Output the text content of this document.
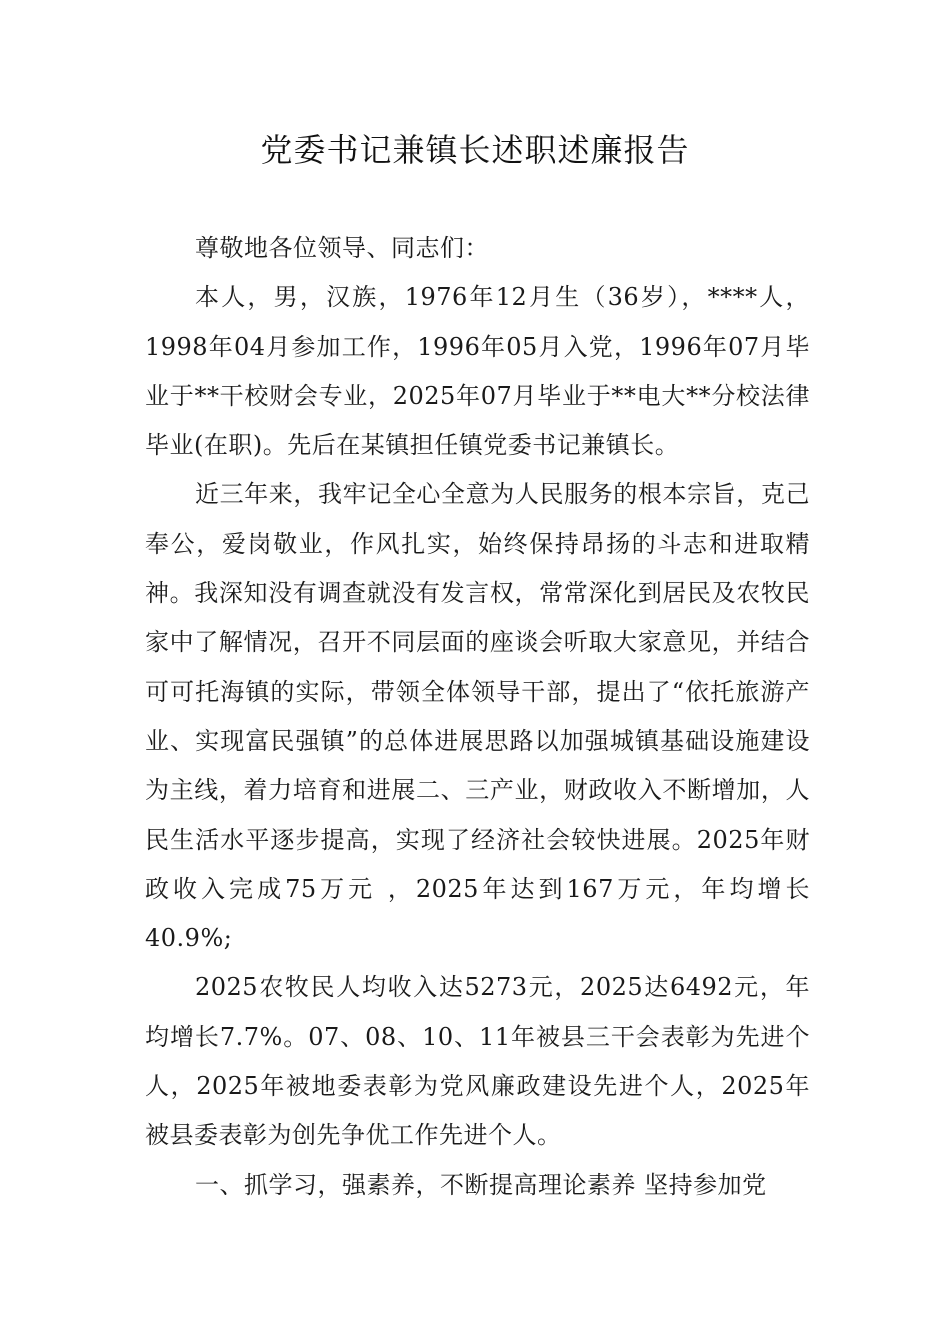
党委书记兼镇长述职述廉报告

尊敬地各位领导、同志们：

本人，男，汉族，1976年12月生（36岁），****人，1998年04月参加工作，1996年05月入党，1996年07月毕业于**干校财会专业，2025年07月毕业于**电大**分校法律毕业(在职)。先后在某镇担任镇党委书记兼镇长。

近三年来，我牢记全心全意为人民服务的根本宗旨，克己奉公，爱岗敬业，作风扎实，始终保持昂扬的斗志和进取精神。我深知没有调查就没有发言权，常常深化到居民及农牧民家中了解情况，召开不同层面的座谈会听取大家意见，并结合可可托海镇的实际，带领全体领导干部，提出了“依托旅游产业、实现富民强镇”的总体进展思路以加强城镇基础设施建设为主线，着力培育和进展二、三产业，财政收入不断增加，人民生活水平逐步提高，实现了经济社会较快进展。2025年财政收入完成75万元 ，2025年达到167万元，年均增长40.9%;

2025农牧民人均收入达5273元，2025达6492元，年均增长7.7%。07、08、10、11年被县三干会表彰为先进个人，2025年被地委表彰为党风廉政建设先进个人，2025年被县委表彰为创先争优工作先进个人。

一、抓学习，强素养，不断提高理论素养 坚持参加党
